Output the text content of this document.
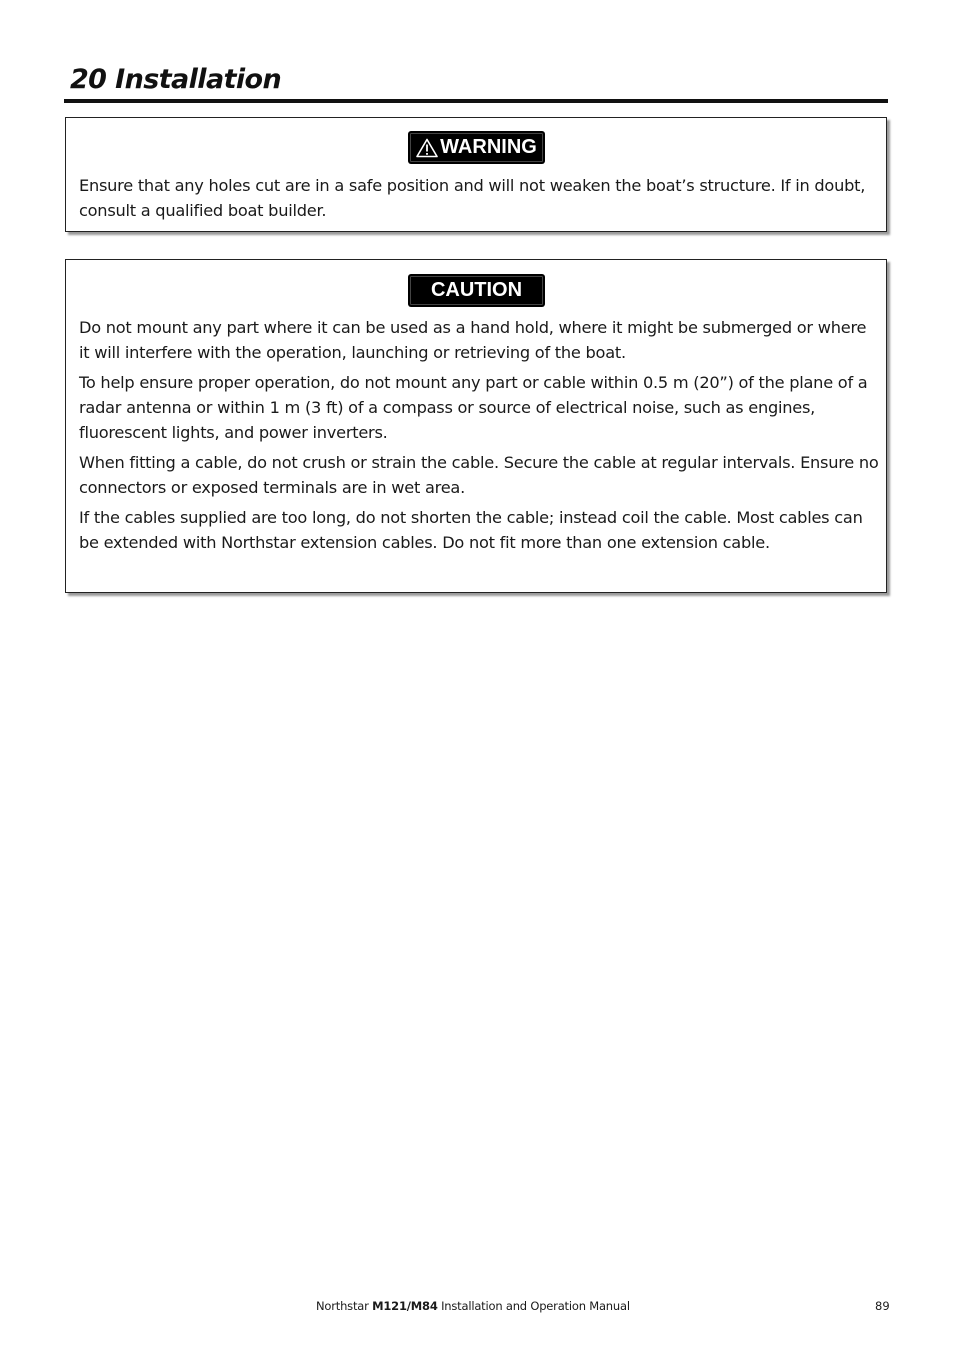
20 Installation
WARNING

Ensure that any holes cut are in a safe position and will not weaken the boat’s structure. If in doubt, consult a qualified boat builder.

CAUTION

Do not mount any part where it can be used as a hand hold, where it might be submerged or where it will interfere with the operation, launching or retrieving of the boat.

To help ensure proper operation, do not mount any part or cable within 0.5 m (20”) of the plane of a radar antenna or within 1 m (3 ft) of a compass or source of electrical noise, such as engines, fluorescent lights, and power inverters.

When fitting a cable, do not crush or strain the cable. Secure the cable at regular intervals. Ensure no connectors or exposed terminals are in wet area.

If the cables supplied are too long, do not shorten the cable; instead coil the cable. Most cables can be extended with Northstar extension cables. Do not fit more than one extension cable.

Northstar M121/M84 Installation and Operation Manual	89
